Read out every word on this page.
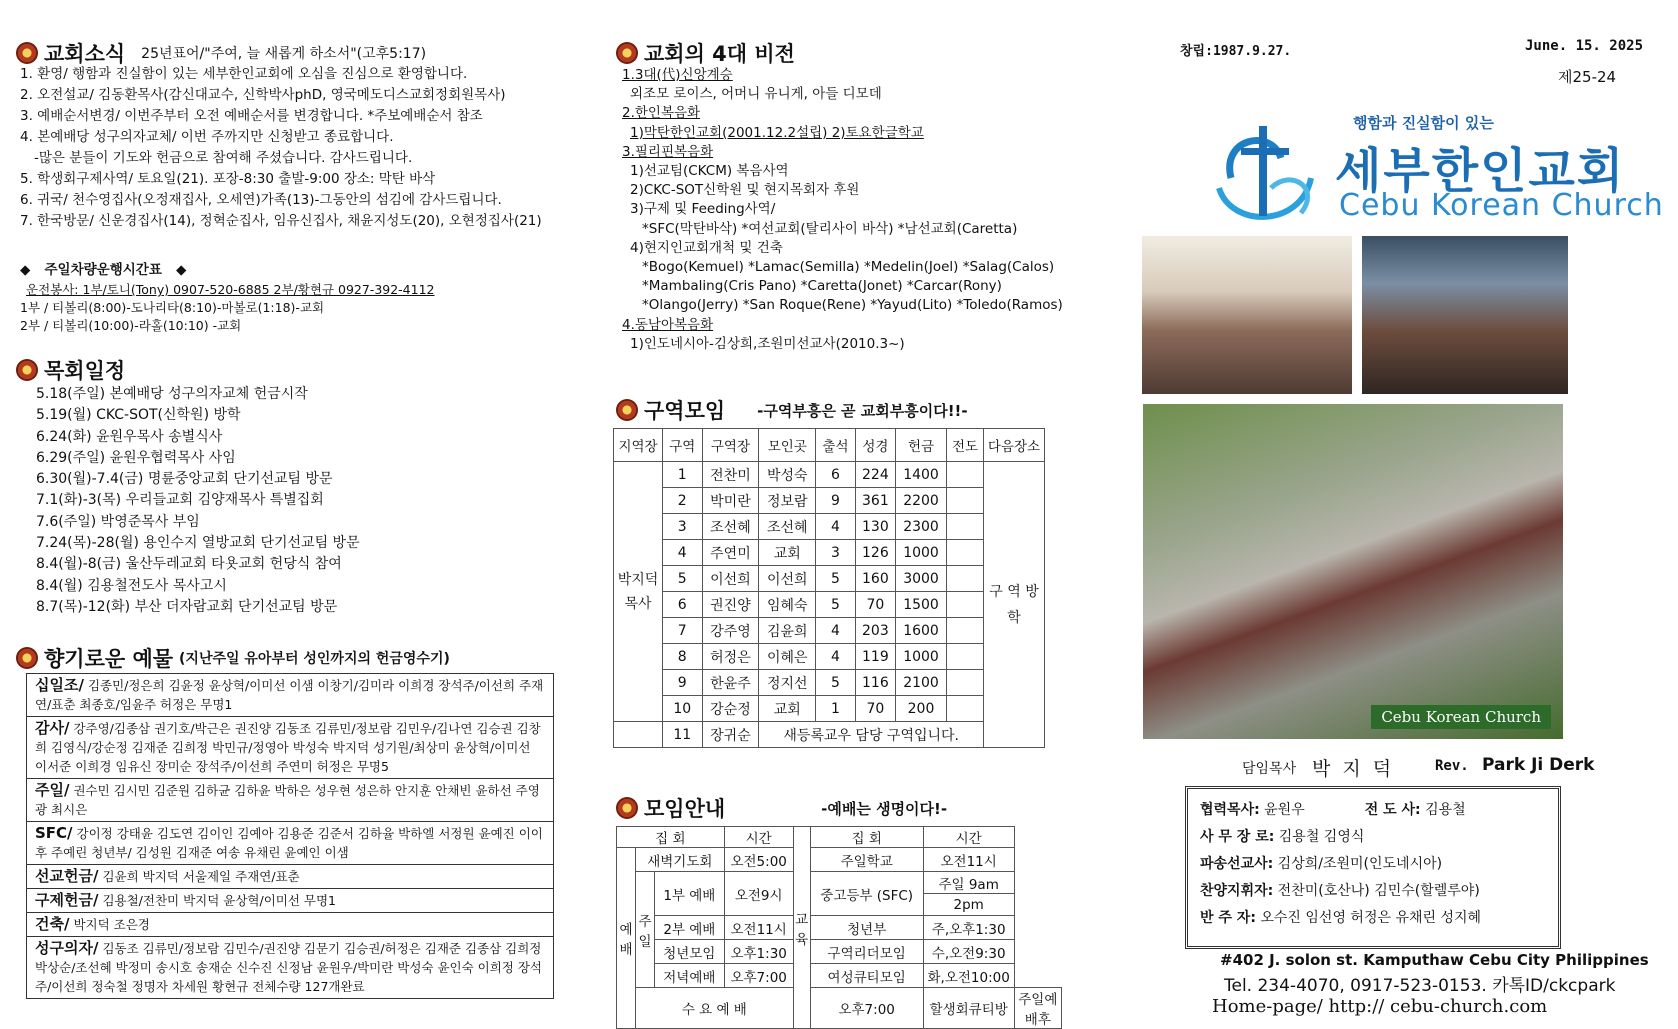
교회소식 25년표어/"주여, 늘 새롭게 하소서"(고후5:17)
1. 환영/ 행함과 진실함이 있는 세부한인교회에 오심을 진심으로 환영합니다.
2. 오전설교/ 김동환목사(감신대교수, 신학박사phD, 영국메도디스교회정회원목사)
3. 예배순서변경/ 이번주부터 오전 예배순서를 변경합니다. *주보예배순서 참조
4. 본예배당 성구의자교체/ 이번 주까지만 신청받고 종료합니다.
-많은 분들이 기도와 헌금으로 참여해 주셨습니다. 감사드립니다.
5. 학생회구제사역/ 토요일(21). 포장-8:30 출발-9:00 장소: 막탄 바삭
6. 귀국/ 천수영집사(오정재집사, 오세연)가족(13)-그동안의 섬김에 감사드립니다.
7. 한국방문/ 신운경집사(14), 정혁순집사, 임유신집사, 채윤지성도(20), 오현정집사(21)
◆ 주일차량운행시간표 ◆
운전봉사: 1부/토니(Tony) 0907-520-6885 2부/황현규 0927-392-4112
1부 / 티볼리(8:00)-도나리타(8:10)-마볼로(1:18)-교회
2부 / 티볼리(10:00)-라홀(10:10) -교회
목회일정
5.18(주일) 본예배당 성구의자교체 헌금시작
5.19(월) CKC-SOT(신학원) 방학
6.24(화) 윤원우목사 송별식사
6.29(주일) 윤원우협력목사 사임
6.30(월)-7.4(금) 명륜중앙교회 단기선교팀 방문
7.1(화)-3(목) 우리들교회 김양재목사 특별집회
7.6(주일) 박영준목사 부임
7.24(목)-28(월) 용인수지 열방교회 단기선교팀 방문
8.4(월)-8(금) 울산두레교회 타욧교회 헌당식 참여
8.4(월) 김용철전도사 목사고시
8.7(목)-12(화) 부산 더자람교회 단기선교팀 방문
향기로운 예물 (지난주일 유아부터 성인까지의 헌금영수기)
십일조/ 김종민/정은희 김윤정 윤상혁/이미선 이샘 이창기/김미라 이희경 장석주/이선희 주재연/표춘 최종호/임윤주 허정은 무명1
감사/ 강주영/김종삼 권기호/박근은 권진양 김동조 김류민/정보람 김민우/김나연 김승권 김창희 김영식/강순정 김재준 김희정 박민규/정영아 박성숙 박지덕 성기원/최상미 윤상혁/이미선 이서준 이희경 임유신 장미순 장석주/이선희 주연미 허정은 무명5
주일/ 권수민 김시민 김준원 김하균 김하윤 박하은 성우현 성은하 안지훈 안채빈 윤하선 주영광 최시은
SFC/ 강이정 강태윤 김도연 김이인 김예아 김용준 김준서 김하율 박하엘 서정원 윤예진 이이후 주예린 청년부/ 김성원 김재준 여송 유채린 윤예인 이샘
선교헌금/ 김윤희 박지덕 서울제일 주재연/표춘
구제헌금/ 김용철/전찬미 박지덕 윤상혁/이미선 무명1
건축/ 박지덕 조은경
성구의자/ 김동조 김류민/정보람 김민수/권진양 김문기 김승권/허정은 김재준 김종삼 김희정 박상순/조선혜 박정미 송시호 송재순 신수진 신정남 윤원우/박미란 박성숙 윤인숙 이희정 장석주/이선희 정숙철 정명자 차세원 황현규 전체수량 127개완료
교회의 4대 비전
1.3대(代)신앙계승
외조모 로이스, 어머니 유니게, 아들 디모데
2.한인복음화
1)막탄한인교회(2001.12.2설립) 2)토요한글학교
3.필리핀복음화
1)선교팀(CKCM) 복음사역
2)CKC-SOT신학원 및 현지목회자 후원
3)구제 및 Feeding사역/
*SFC(막탄바삭) *여선교회(탈리사이 바삭) *남선교회(Caretta)
4)현지인교회개척 및 건축
*Bogo(Kemuel) *Lamac(Semilla) *Medelin(Joel) *Salag(Calos)
*Mambaling(Cris Pano) *Caretta(Jonet) *Carcar(Rony)
*Olango(Jerry) *San Roque(Rene) *Yayud(Lito) *Toledo(Ramos)
4.동남아복음화
1)인도네시아-김상희,조원미선교사(2010.3~)
구역모임 -구역부흥은 곧 교회부흥이다!!-
지역장	구역	구역장	모인곳	출석	성경	헌금	전도	다음장소
박지덕 목사	1	전찬미	박성숙	6	224	1400		구 역 방 학
	2	박미란	정보람	9	361	2200		
	3	조선혜	조선혜	4	130	2300		
	4	주연미	교회	3	126	1000		
	5	이선희	이선희	5	160	3000		
	6	권진양	임혜숙	5	70	1500		
	7	강주영	김윤희	4	203	1600		
	8	허정은	이혜은	4	119	1000		
	9	한윤주	정지선	5	116	2100		
	10	강순정	교회	1	70	200		
	11	장귀순	새등록교우 담당 구역입니다.					
모임안내	-예배는 생명이다!-
집 회			시간	교 육	집 회	시간	
예 배	새벽기도회		오전5:00		주일학교	오전11시	
	주 일	1부 예배	오전9시		중고등부 (SFC)	주일 9am	
						2pm	
		2부 예배	오전11시		청년부	주,오후1:30	
		청년모임	오후1:30		구역리더모임	수,오전9:30	
		저녁예배	오후7:00		여성큐티모임	화,오전10:00	
	수 요 예 배				오후7:00	할생회큐티방	주일예배후
창립:1987.9.27.	June. 15. 2025
제25-24
행함과 진실함이 있는
세부한인교회
Cebu Korean Church
Cebu Korean Church
담임목사 박 지 덕	Rev. Park Ji Derk
협력목사: 윤원우	전 도 사: 김용철
사 무 장 로: 김용철 김영식
파송선교사: 김상희/조원미(인도네시아)
찬양지휘자: 전찬미(호산나) 김민수(할렐루야)
반 주 자: 오수진 임선영 허정은 유채린 성지혜
#402 J. solon st. Kamputhaw Cebu City Philippines
Tel. 234-4070, 0917-523-0153. 카톡ID/ckcpark
Home-page/ http:// cebu-church.com
